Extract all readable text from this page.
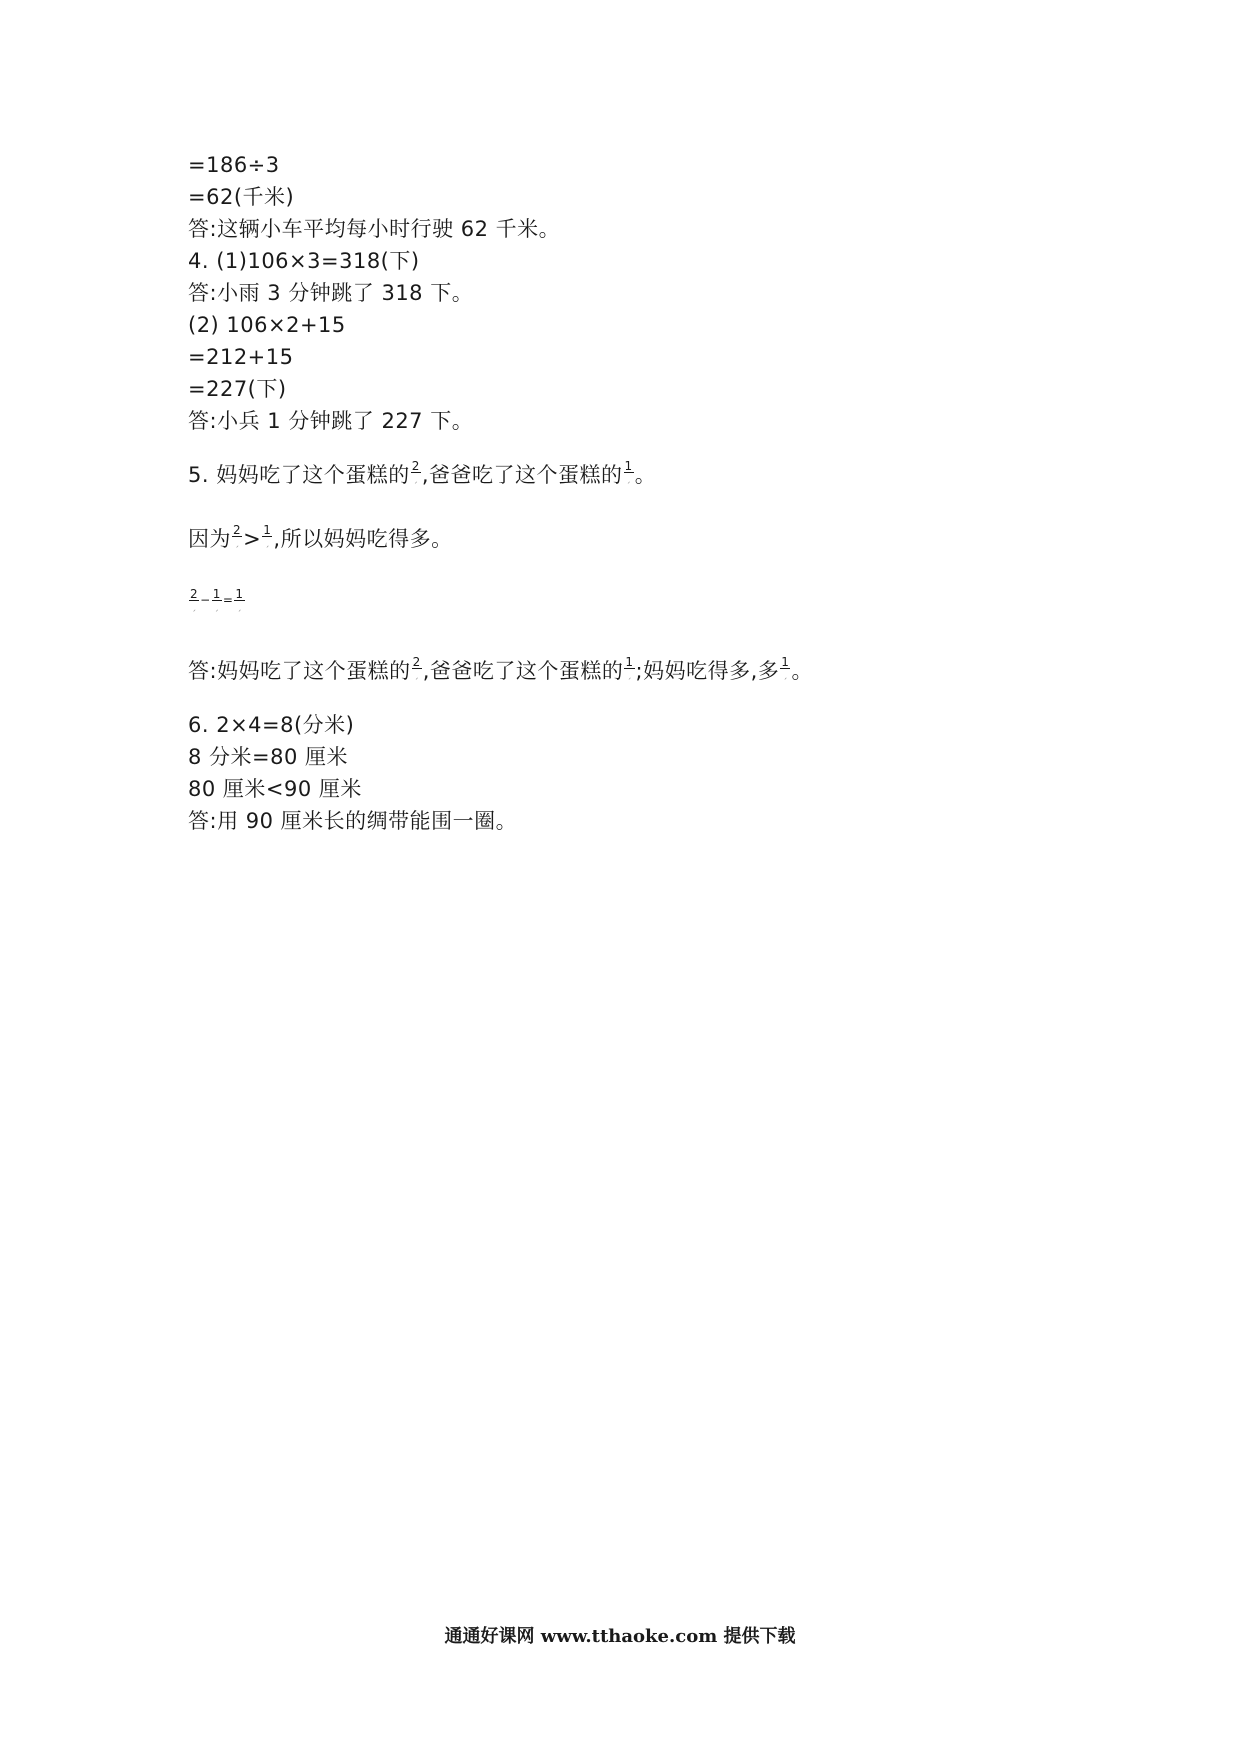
=186÷3
=62(千米)
答:这辆小车平均每小时行驶 62 千米。
4. (1)106×3=318(下)
答:小雨 3 分钟跳了 318 下。
(2) 106×2+15
=212+15
=227(下)
答:小兵 1 分钟跳了 227 下。
5. 妈妈吃了这个蛋糕的 $\frac{2}{\text{ˏ}}$ ,爸爸吃了这个蛋糕的 $\frac{1}{\text{ˏ}}$ 。
因为 $\frac{2}{\text{ˏ}} > \frac{1}{\text{ˏ}}$ ,所以妈妈吃得多。
$\frac{2}{\text{ˏ}} ^- \frac{1}{\text{ˏ}} ^= \frac{1}{\text{ˏ}}$
答:妈妈吃了这个蛋糕的 $\frac{2}{\text{ˏ}}$ ,爸爸吃了这个蛋糕的 $\frac{1}{\text{ˏ}}$ ;妈妈吃得多,多 $\frac{1}{\text{ˏ}}$ 。
6. 2×4=8(分米)
8 分米=80 厘米
80 厘米<90 厘米
答:用 90 厘米长的绸带能围一圈。
通通好课网 www.tthaoke.com 提供下载
